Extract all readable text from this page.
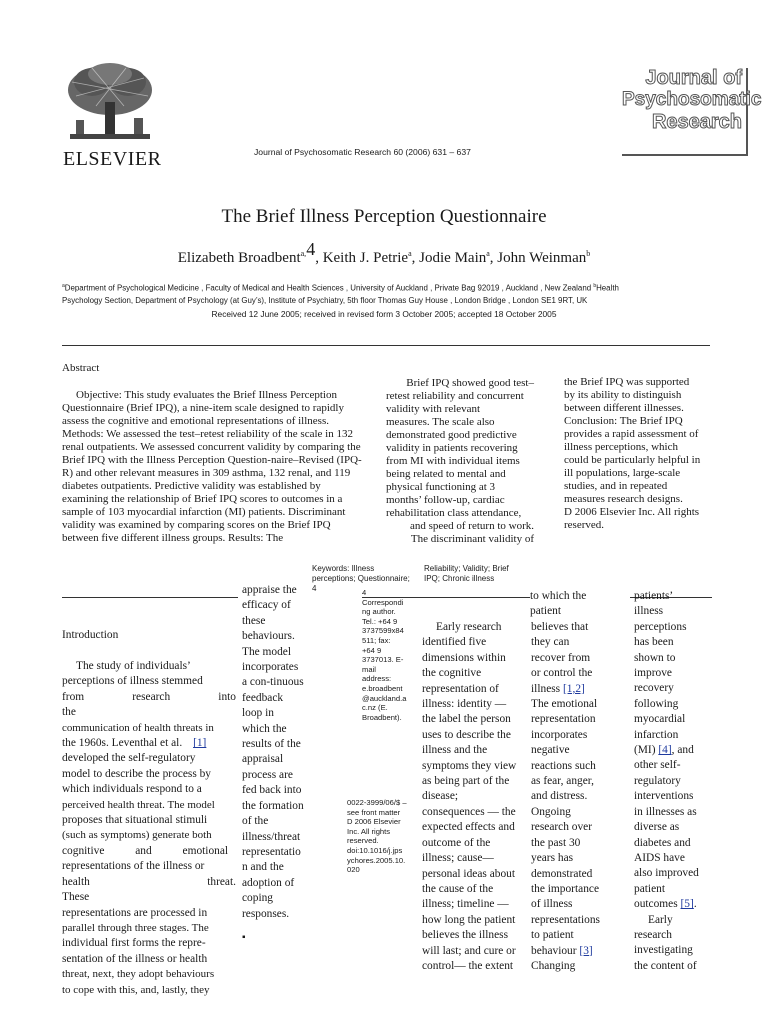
ELSEVIER	Journal of Psychosomatic Research 60 (2006) 631 – 637
Journal of
Psychosomatic
Research
The Brief Illness Perception Questionnaire
Elizabeth Broadbent$^{a,}$4, Keith J. Petrie$^a$, Jodie Main$^a$, John Weinman$^b$
$^a$Department of Psychological Medicine , Faculty of Medical and Health Sciences , University of Auckland , Private Bag 92019 , Auckland , New Zealand $^b$Health
Psychology Section, Department of Psychology (at Guy’s), Institute of Psychiatry, 5th floor Thomas Guy House , London Bridge , London SE1 9RT, UK
Received 12 June 2005; received in revised form 3 October 2005; accepted 18 October 2005
Abstract
Objective: This study evaluates the Brief Illness Perception
Questionnaire (Brief IPQ), a nine-item scale designed to rapidly
assess the cognitive and emotional representations of illness.
Methods: We assessed the test–retest reliability of the scale in 132
renal outpatients. We assessed concurrent validity by comparing the
Brief IPQ with the Illness Perception Question-naire–Revised (IPQ-
R) and other relevant measures in 309 asthma, 132 renal, and 119
diabetes outpatients. Predictive validity was established by
examining the relationship of Brief IPQ scores to outcomes in a
sample of 103 myocardial infarction (MI) patients. Discriminant
validity was examined by comparing scores on the Brief IPQ
between five different illness groups. Results: The
Brief IPQ showed good test–
retest reliability and concurrent
validity with relevant
measures. The scale also
demonstrated good predictive
validity in patients recovering
from MI with individual items
being related to mental and
physical functioning at 3
months’ follow-up, cardiac
rehabilitation class attendance,
and speed of return to work.
The discriminant validity of
the Brief IPQ was supported
by its ability to distinguish
between different illnesses.
Conclusion: The Brief IPQ
provides a rapid assessment of
illness perceptions, which
could be particularly helpful in
ill populations, large-scale
studies, and in repeated
measures research designs.
D 2006 Elsevier Inc. All rights
reserved.
Keywords: Illness
perceptions; Questionnaire;
4
Reliability; Validity; Brief
IPQ; Chronic illness
Introduction
The study of individuals’
perceptions of illness stemmed
from research into the
communication of health threats in
the 1960s. Leventhal et al. [1]
developed the self-regulatory
model to describe the process by
which individuals respond to a
perceived health threat. The model
proposes that situational stimuli
(such as symptoms) generate both
cognitive and emotional
representations of the illness or
health threat. These
representations are processed in
parallel through three stages. The
individual first forms the repre-
sentation of the illness or health
threat, next, they adopt behaviours
to cope with this, and, lastly, they
appraise the
efficacy of
these
behaviours.
The model
incorporates
a con-tinuous
feedback
loop in
which the
results of the
appraisal
process are
fed back into
the formation
of the
illness/threat
representatio
n and the
adoption of
coping
responses.
▪
4
Correspondi
ng author.
Tel.: +64 9
3737599x84
511; fax:
+64 9
3737013. E-
mail
address:
e.broadbent
@auckland.a
c.nz (E.
Broadbent).
0022-3999/06/$ –
see front matter
D 2006 Elsevier
Inc. All rights
reserved.
doi:10.1016/j.jps
ychores.2005.10.
020
Early research
identified five
dimensions within
the cognitive
representation of
illness: identity —
the label the person
uses to describe the
illness and the
symptoms they view
as being part of the
disease;
consequences — the
expected effects and
outcome of the
illness; cause—
personal ideas about
the cause of the
illness; timeline —
how long the patient
believes the illness
will last; and cure or
control— the extent
to which the
patient
believes that
they can
recover from
or control the
illness [1,2]
The emotional
representation
incorporates
negative
reactions such
as fear, anger,
and distress.
Ongoing
research over
the past 30
years has
demonstrated
the importance
of illness
representations
to patient
behaviour [3]
Changing
patients’
illness
perceptions
has been
shown to
improve
recovery
following
myocardial
infarction
(MI) [4], and
other self-
regulatory
interventions
in illnesses as
diverse as
diabetes and
AIDS have
also improved
patient
outcomes [5].
Early
research
investigating
the content of
